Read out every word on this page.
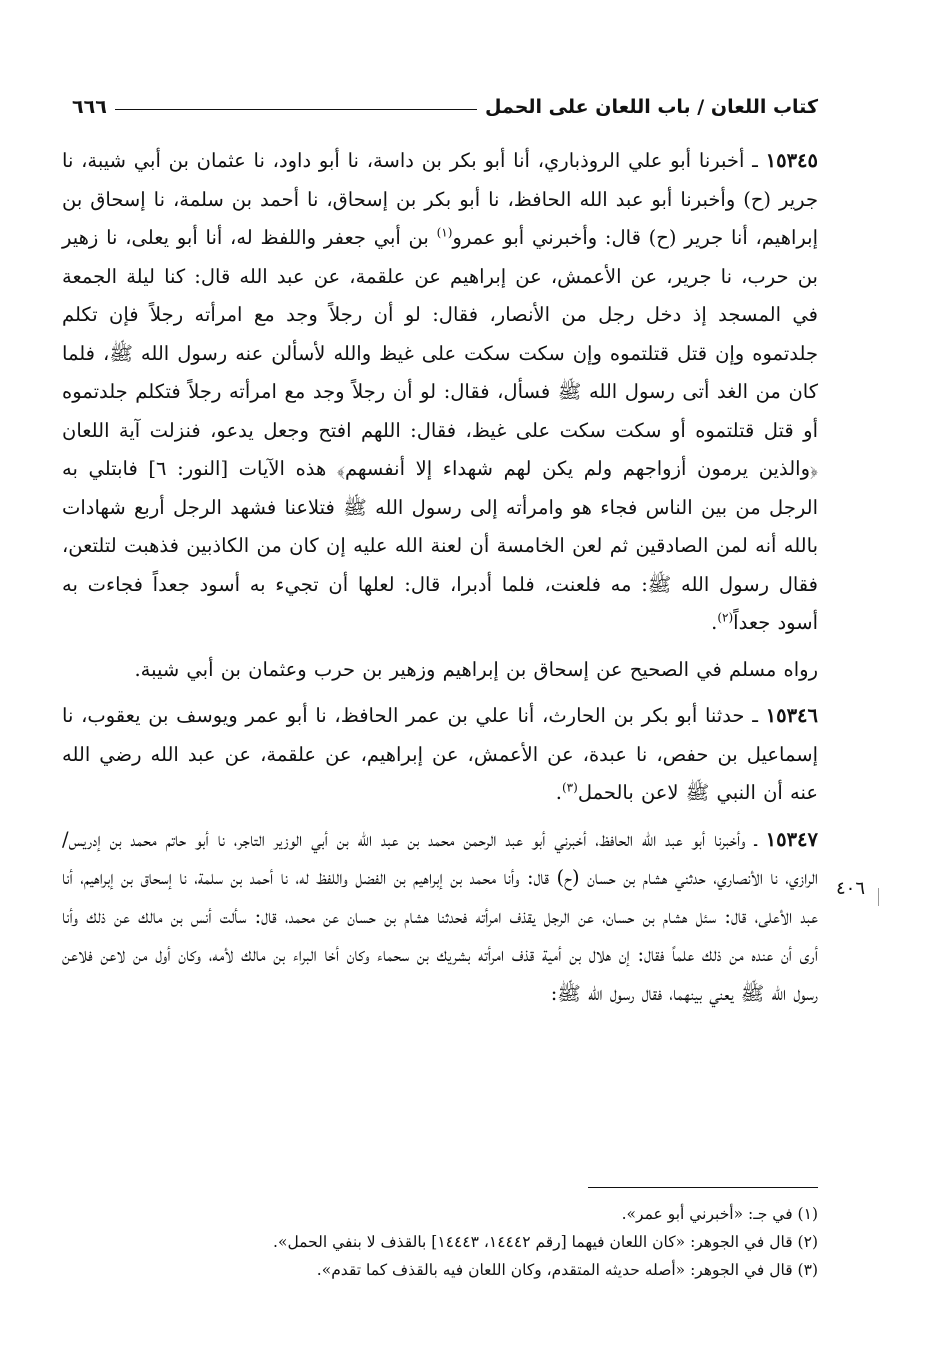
كتاب اللعان / باب اللعان على الحمل
٦٦٦

١٥٣٤٥ ـ أخبرنا أبو علي الروذباري، أنا أبو بكر بن داسة، نا أبو داود، نا عثمان بن أبي شيبة، نا جرير (ح) وأخبرنا أبو عبد الله الحافظ، نا أبو بكر بن إسحاق، نا أحمد بن سلمة، نا إسحاق بن إبراهيم، أنا جرير (ح) قال: وأخبرني أبو عمرو$^{(١)}$ بن أبي جعفر واللفظ له، أنا أبو يعلى، نا زهير بن حرب، نا جرير، عن الأعمش، عن إبراهيم عن علقمة، عن عبد الله قال: كنا ليلة الجمعة في المسجد إذ دخل رجل من الأنصار، فقال: لو أن رجلاً وجد مع امرأته رجلاً فإن تكلم جلدتموه وإن قتل قتلتموه وإن سكت سكت على غيظ والله لأسألن عنه رسول الله ﷺ، فلما كان من الغد أتى رسول الله ﷺ فسأل، فقال: لو أن رجلاً وجد مع امرأته رجلاً فتكلم جلدتموه أو قتل قتلتموه أو سكت سكت على غيظ، فقال: اللهم افتح وجعل يدعو، فنزلت آية اللعان ﴿والذين يرمون أزواجهم ولم يكن لهم شهداء إلا أنفسهم﴾ هذه الآيات [النور: ٦] فابتلي به الرجل من بين الناس فجاء هو وامرأته إلى رسول الله ﷺ فتلاعنا فشهد الرجل أربع شهادات بالله أنه لمن الصادقين ثم لعن الخامسة أن لعنة الله عليه إن كان من الكاذبين فذهبت لتلتعن، فقال رسول الله ﷺ: مه فلعنت، فلما أدبرا، قال: لعلها أن تجيء به أسود جعداً فجاءت به أسود جعداً$^{(٢)}$.

رواه مسلم في الصحيح عن إسحاق بن إبراهيم وزهير بن حرب وعثمان بن أبي شيبة.

١٥٣٤٦ ـ حدثنا أبو بكر بن الحارث، أنا علي بن عمر الحافظ، نا أبو عمر ويوسف بن يعقوب، نا إسماعيل بن حفص، نا عبدة، عن الأعمش، عن إبراهيم، عن علقمة، عن عبد الله رضي الله عنه أن النبي ﷺ لاعن بالحمل$^{(٣)}$.

١٥٣٤٧ ـ وأخبرنا أبو عبد الله الحافظ، أخبرني أبو عبد الرحمن محمد بن عبد الله بن أبي الوزير التاجر، نا أبو حاتم محمد بن إدريس/ الرازي، نا الأنصاري، حدثني هشام بن حسان (ح) قال: وأنا محمد بن إبراهيم بن الفضل واللفظ له، نا أحمد بن سلمة، نا إسحاق بن إبراهيم، أنا عبد الأعلى، قال: سئل هشام بن حسان، عن الرجل يقذف امرأته فحدثنا هشام بن حسان عن محمد، قال: سألت أنس بن مالك عن ذلك وأنا أرى أن عنده من ذلك علماً فقال: إن هلال بن أمية قذف امرأته بشريك بن سحماء وكان أخا البراء بن مالك لأمه، وكان أول من لاعن فلاعن رسول الله ﷺ يعني بينهما، فقال رسول الله ﷺ:

٤٠٦

(١) في جـ: «أخبرني أبو عمر».

(٢) قال في الجوهر: «كان اللعان فيهما [رقم ١٤٤٤٢، ١٤٤٤٣] بالقذف لا بنفي الحمل».

(٣) قال في الجوهر: «أصله حديثه المتقدم، وكان اللعان فيه بالقذف كما تقدم».
